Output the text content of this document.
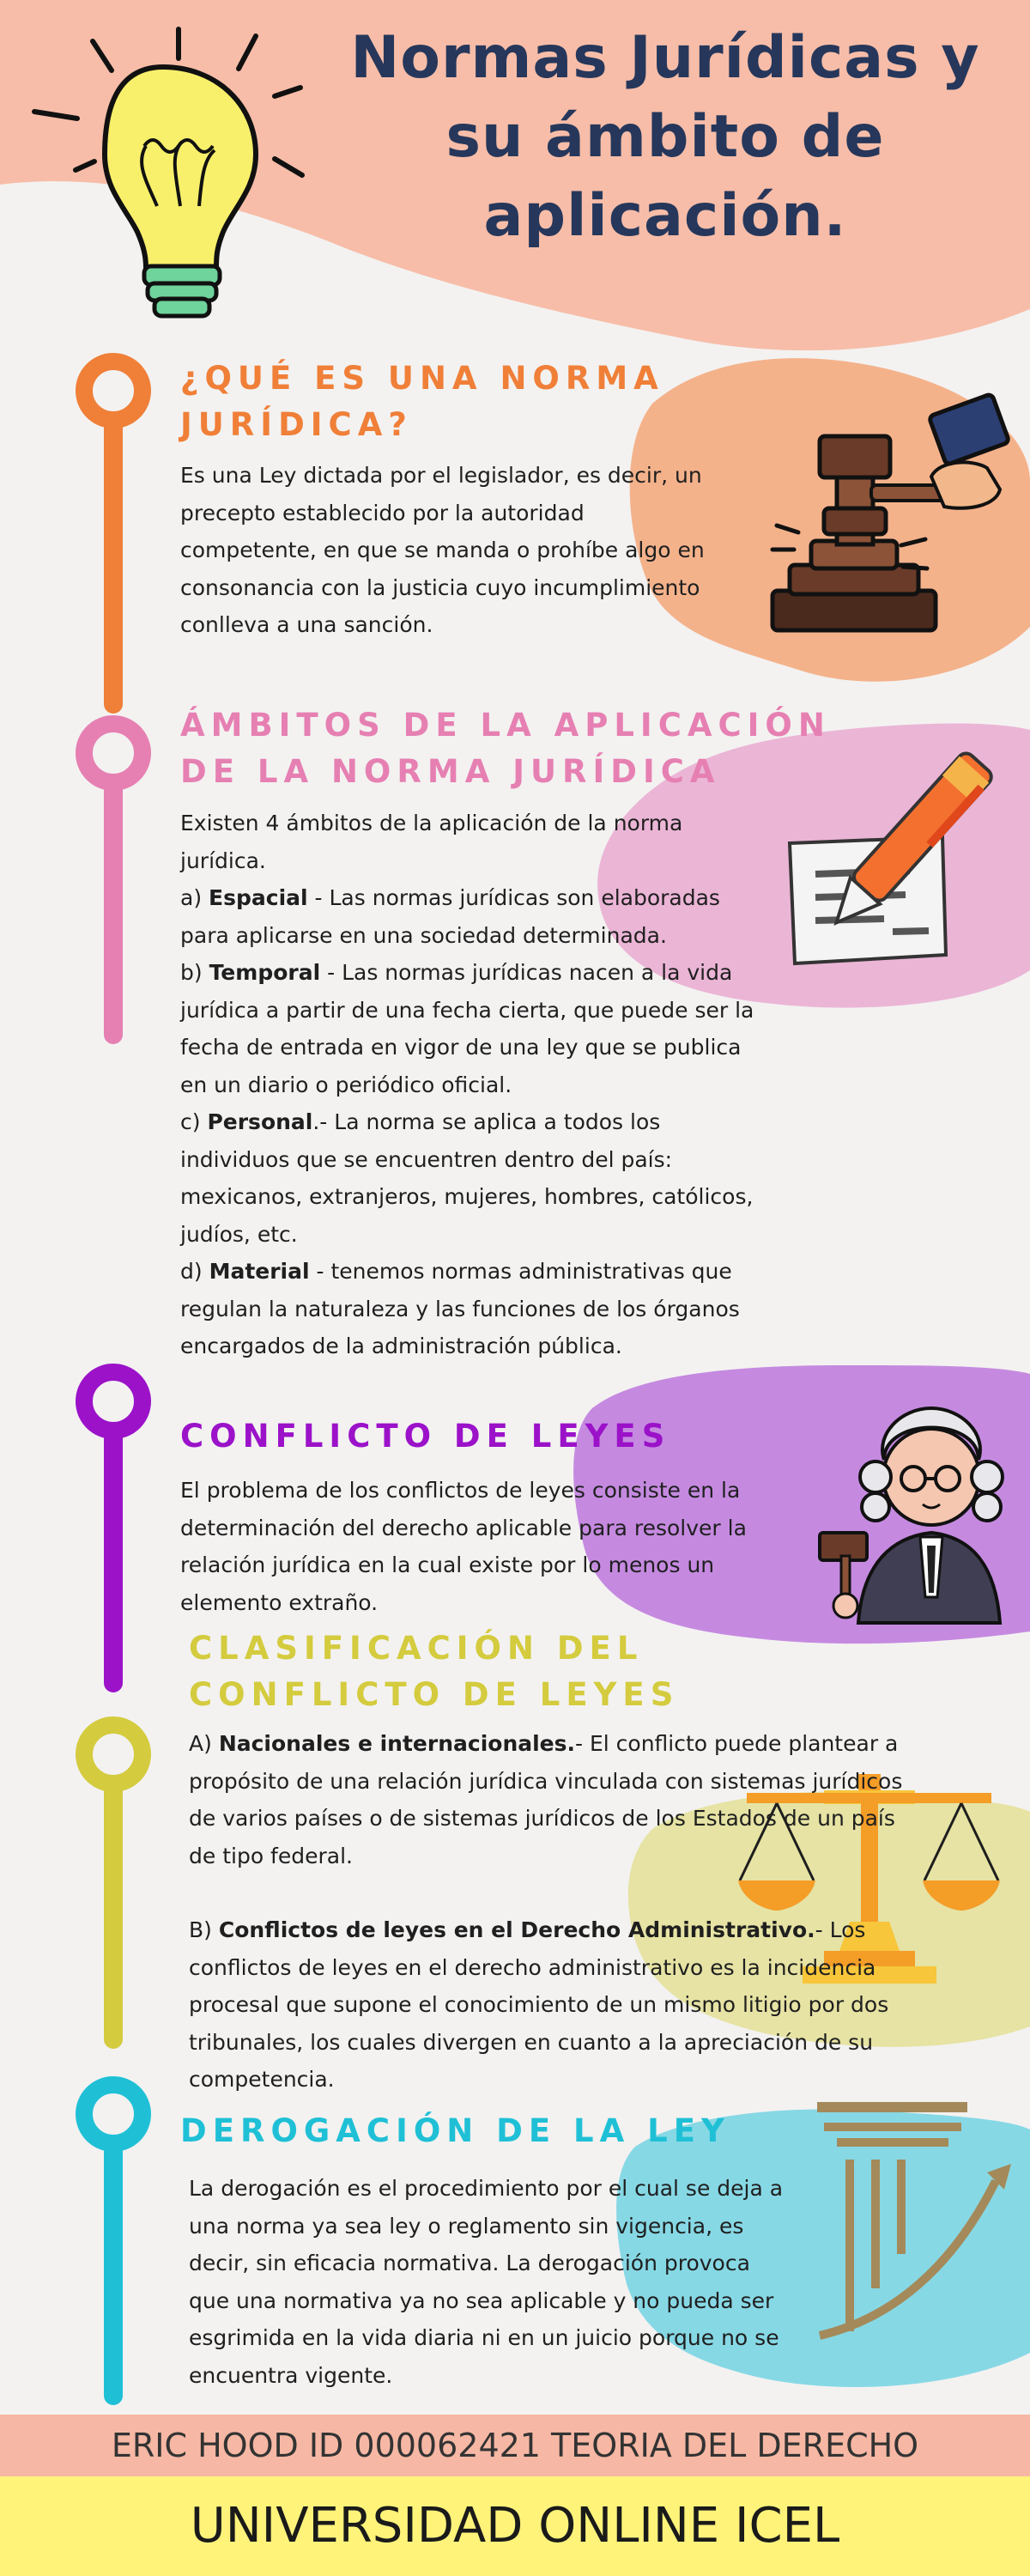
Normas Jurídicas y
su ámbito de
aplicación.
¿QUÉ ES UNA NORMA
JURÍDICA?
Es una Ley dictada por el legislador, es decir, un precepto establecido por la autoridad competente, en que se manda o prohíbe algo en consonancia con la justicia cuyo incumplimiento conlleva a una sanción.
ÁMBITOS DE LA APLICACIÓN
DE LA NORMA JURÍDICA

Existen 4 ámbitos de la aplicación de la norma jurídica.

a) Espacial - Las normas jurídicas son elaboradas para aplicarse en una sociedad determinada.

b) Temporal - Las normas jurídicas nacen a la vida jurídica a partir de una fecha cierta, que puede ser la fecha de entrada en vigor de una ley que se publica en un diario o periódico oficial.

c) Personal.- La norma se aplica a todos los individuos que se encuentren dentro del país: mexicanos, extranjeros, mujeres, hombres, católicos, judíos, etc.

d) Material - tenemos normas administrativas que regulan la naturaleza y las funciones de los órganos encargados de la administración pública.

CONFLICTO DE LEYES
El problema de los conflictos de leyes consiste en la determinación del derecho aplicable para resolver la relación jurídica en la cual existe por lo menos un elemento extraño.
CLASIFICACIÓN DEL
CONFLICTO DE LEYES

A) Nacionales e internacionales.- El conflicto puede plantear a propósito de una relación jurídica vinculada con sistemas jurídicos de varios países o de sistemas jurídicos de los Estados de un país de tipo federal.

B) Conflictos de leyes en el Derecho Administrativo.- Los conflictos de leyes en el derecho administrativo es la incidencia procesal que supone el conocimiento de un mismo litigio por dos tribunales, los cuales divergen en cuanto a la apreciación de su competencia.

DEROGACIÓN DE LA LEY
La derogación es el procedimiento por el cual se deja a una norma ya sea ley o reglamento sin vigencia, es decir, sin eficacia normativa. La derogación provoca que una normativa ya no sea aplicable y no pueda ser esgrimida en la vida diaria ni en un juicio porque no se encuentra vigente.
ERIC HOOD ID 000062421 TEORIA DEL DERECHO
UNIVERSIDAD ONLINE ICEL
